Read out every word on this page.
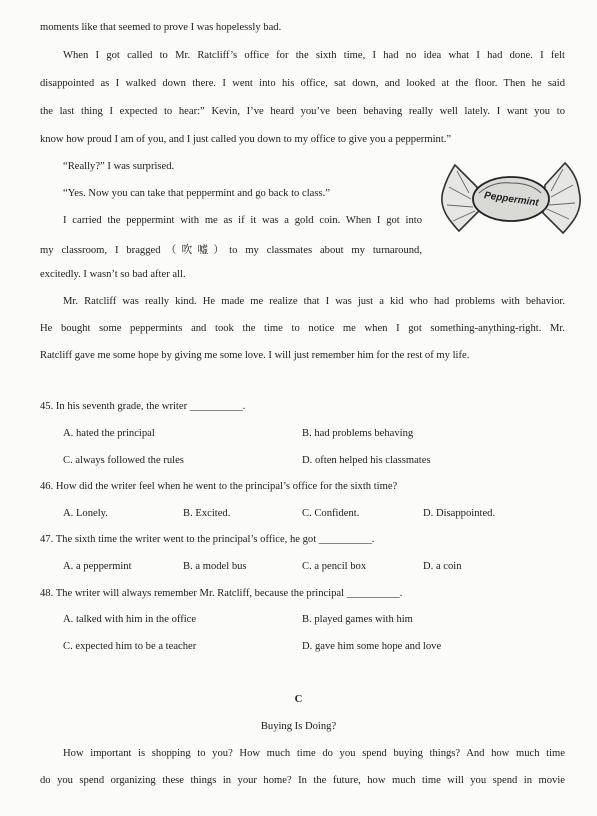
moments like that seemed to prove I was hopelessly bad.
When I got called to Mr. Ratcliff’s office for the sixth time, I had no idea what I had done. I felt
disappointed as I walked down there. I went into his office, sat down, and looked at the floor. Then he said
the last thing I expected to hear:” Kevin, I’ve heard you’ve been behaving really well lately. I want you to
know how proud I am of you, and I just called you down to my office to give you a peppermint.”
“Really?” I was surprised.
“Yes. Now you can take that peppermint and go back to class.”
I carried the peppermint with me as if it was a gold coin. When I got into
my classroom, I bragged（吹嘘）to my classmates about my turnaround,
excitedly. I wasn’t so bad after all.
Mr. Ratcliff was really kind. He made me realize that I was just a kid who had problems with behavior.
He bought some peppermints and took the time to notice me when I got something-anything-right. Mr.
Ratcliff gave me some hope by giving me some love. I will just remember him for the rest of my life.
Peppermint
45. In his seventh grade, the writer __________.
A. hated the principal	B. had problems behaving
C. always followed the rules	D. often helped his classmates
46. How did the writer feel when he went to the principal’s office for the sixth time?
A. Lonely.	B. Excited.	C. Confident.	D. Disappointed.
47. The sixth time the writer went to the principal’s office, he got __________.
A. a peppermint	B. a model bus	C. a pencil box	D. a coin
48. The writer will always remember Mr. Ratcliff, because the principal __________.
A. talked with him in the office	B. played games with him
C. expected him to be a teacher	D. gave him some hope and love
C
Buying Is Doing?
How important is shopping to you? How much time do you spend buying things? And how much time
do you spend organizing these things in your home? In the future, how much time will you spend in movie
